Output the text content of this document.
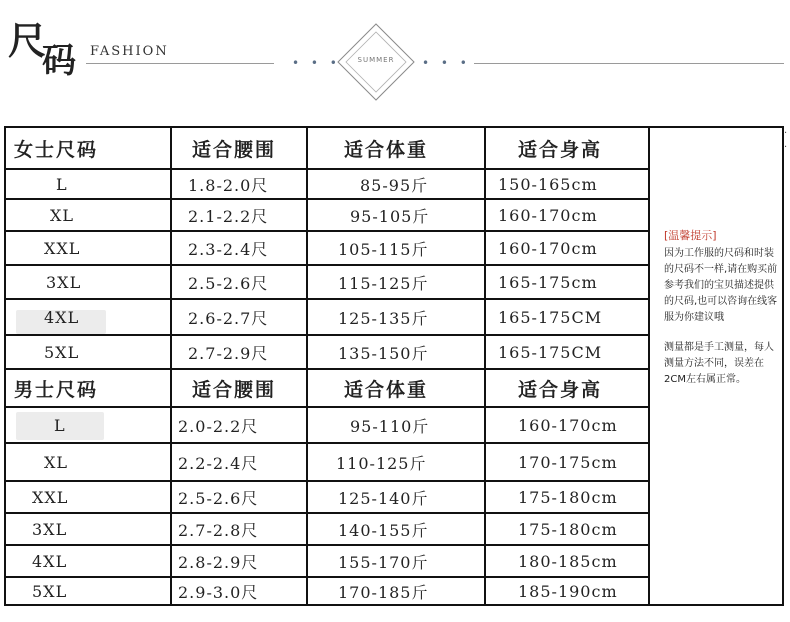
尺
码 FASHION
• • •	SUMMER	• • •
女士尺码	适合腰围	适合体重	适合身高
L	1.8-2.0尺	85-95斤	150-165cm
XL	2.1-2.2尺	95-105斤	160-170cm
XXL	2.3-2.4尺	105-115斤	160-170cm
3XL	2.5-2.6尺	115-125斤	165-175cm
4XL	2.6-2.7尺	125-135斤	165-175CM
5XL	2.7-2.9尺	135-150斤	165-175CM
男士尺码	适合腰围	适合体重	适合身高
L	2.0-2.2尺	95-110斤	160-170cm
XL	2.2-2.4尺	110-125斤	170-175cm
XXL	2.5-2.6尺	125-140斤	175-180cm
3XL	2.7-2.8尺	140-155斤	175-180cm
4XL	2.8-2.9尺	155-170斤	180-185cm
5XL	2.9-3.0尺	170-185斤	185-190cm
[温馨提示]
因为工作服的尺码和时装的尺码不一样,请在购买前参考我们的宝贝描述提供的尺码,也可以咨询在线客服为你建议哦
测量都是手工测量，每人测量方法不同，误差在2CM左右属正常。
·
·
